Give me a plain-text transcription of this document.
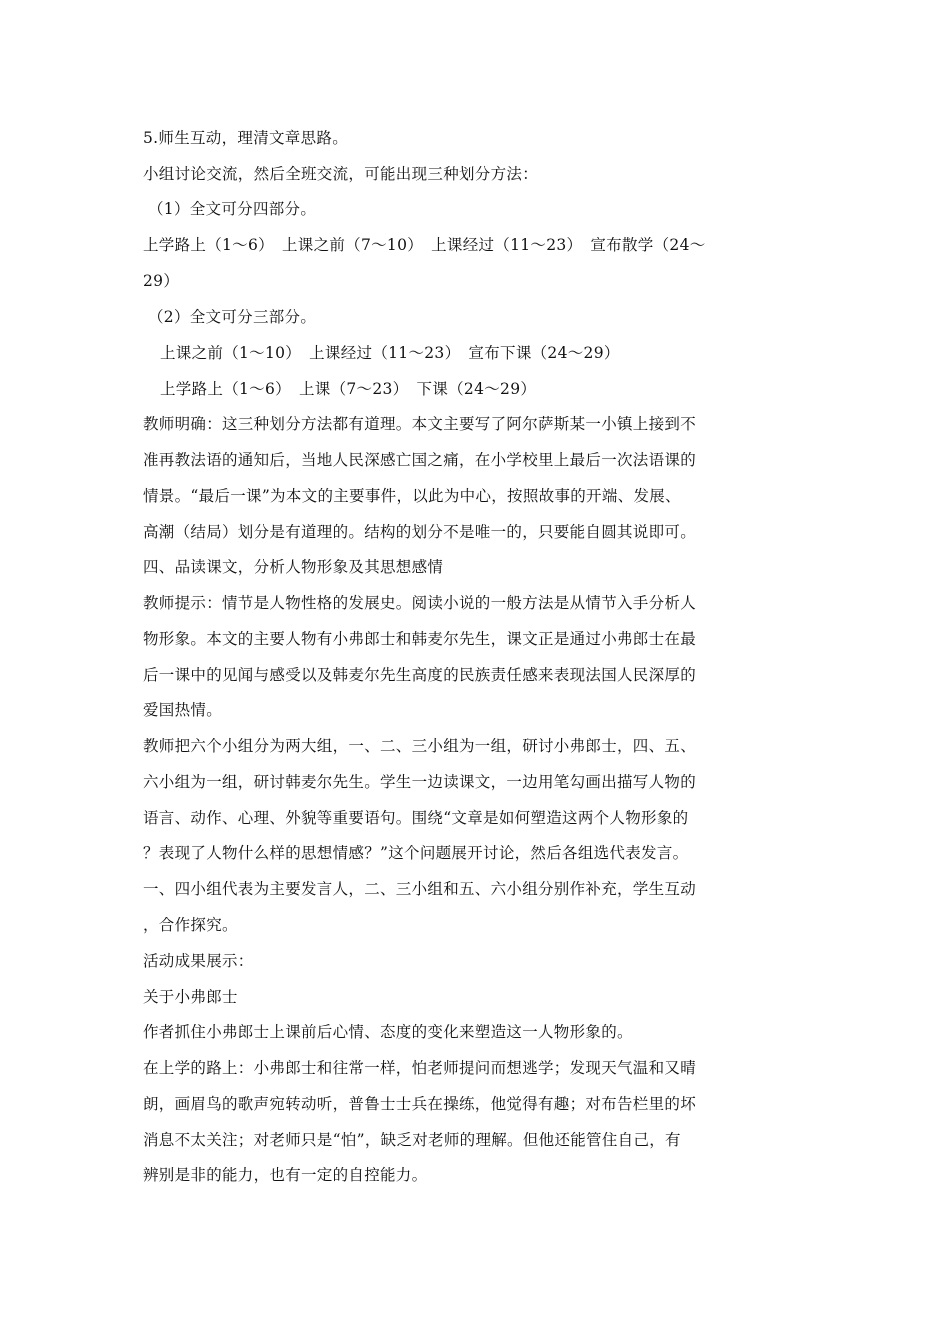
5.师生互动，理清文章思路。
小组讨论交流，然后全班交流，可能出现三种划分方法：
（1）全文可分四部分。
上学路上（1～6）　上课之前（7～10）　上课经过（11～23）　宣布散学（24～
29）
（2）全文可分三部分。
上课之前（1～10）　上课经过（11～23）　宣布下课（24～29）
上学路上（1～6）　上课（7～23）　下课（24～29）
教师明确：这三种划分方法都有道理。本文主要写了阿尔萨斯某一小镇上接到不
准再教法语的通知后，当地人民深感亡国之痛，在小学校里上最后一次法语课的
情景。“最后一课”为本文的主要事件，以此为中心，按照故事的开端、发展、
高潮（结局）划分是有道理的。结构的划分不是唯一的，只要能自圆其说即可。
四、品读课文，分析人物形象及其思想感情
教师提示：情节是人物性格的发展史。阅读小说的一般方法是从情节入手分析人
物形象。本文的主要人物有小弗郎士和韩麦尔先生，课文正是通过小弗郎士在最
后一课中的见闻与感受以及韩麦尔先生高度的民族责任感来表现法国人民深厚的
爱国热情。
教师把六个小组分为两大组，一、二、三小组为一组，研讨小弗郎士，四、五、
六小组为一组，研讨韩麦尔先生。学生一边读课文，一边用笔勾画出描写人物的
语言、动作、心理、外貌等重要语句。围绕“文章是如何塑造这两个人物形象的
？表现了人物什么样的思想情感？”这个问题展开讨论，然后各组选代表发言。
一、四小组代表为主要发言人，二、三小组和五、六小组分别作补充，学生互动
，合作探究。
活动成果展示：
关于小弗郎士
作者抓住小弗郎士上课前后心情、态度的变化来塑造这一人物形象的。
在上学的路上：小弗郎士和往常一样，怕老师提问而想逃学；发现天气温和又晴
朗，画眉鸟的歌声宛转动听，普鲁士士兵在操练，他觉得有趣；对布告栏里的坏
消息不太关注；对老师只是“怕”，缺乏对老师的理解。但他还能管住自己，有
辨别是非的能力，也有一定的自控能力。
